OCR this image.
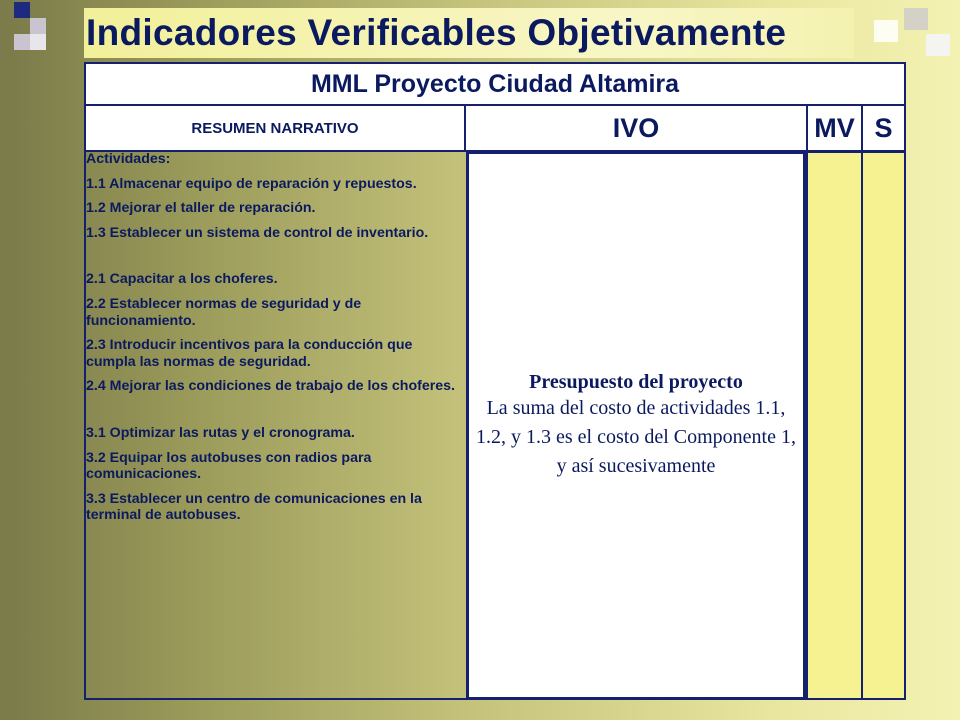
Indicadores Verificables Objetivamente
MML Proyecto Ciudad Altamira
RESUMEN NARRATIVO	IVO	MV S

Actividades:

1.1 Almacenar equipo de reparación y repuestos.

1.2 Mejorar el taller de reparación.

1.3 Establecer un sistema de control de inventario.

2.1 Capacitar a los choferes.

2.2 Establecer normas de seguridad y de funcionamiento.

2.3 Introducir incentivos para la conducción que cumpla las normas de seguridad.

2.4 Mejorar las condiciones de trabajo de los choferes.

3.1 Optimizar las rutas y el cronograma.

3.2 Equipar los autobuses con radios para comunicaciones.

3.3 Establecer un centro de comunicaciones en la terminal de autobuses.

Presupuesto del proyecto
La suma del costo de actividades 1.1, 1.2, y 1.3 es el costo del Componente 1, y así sucesivamente
